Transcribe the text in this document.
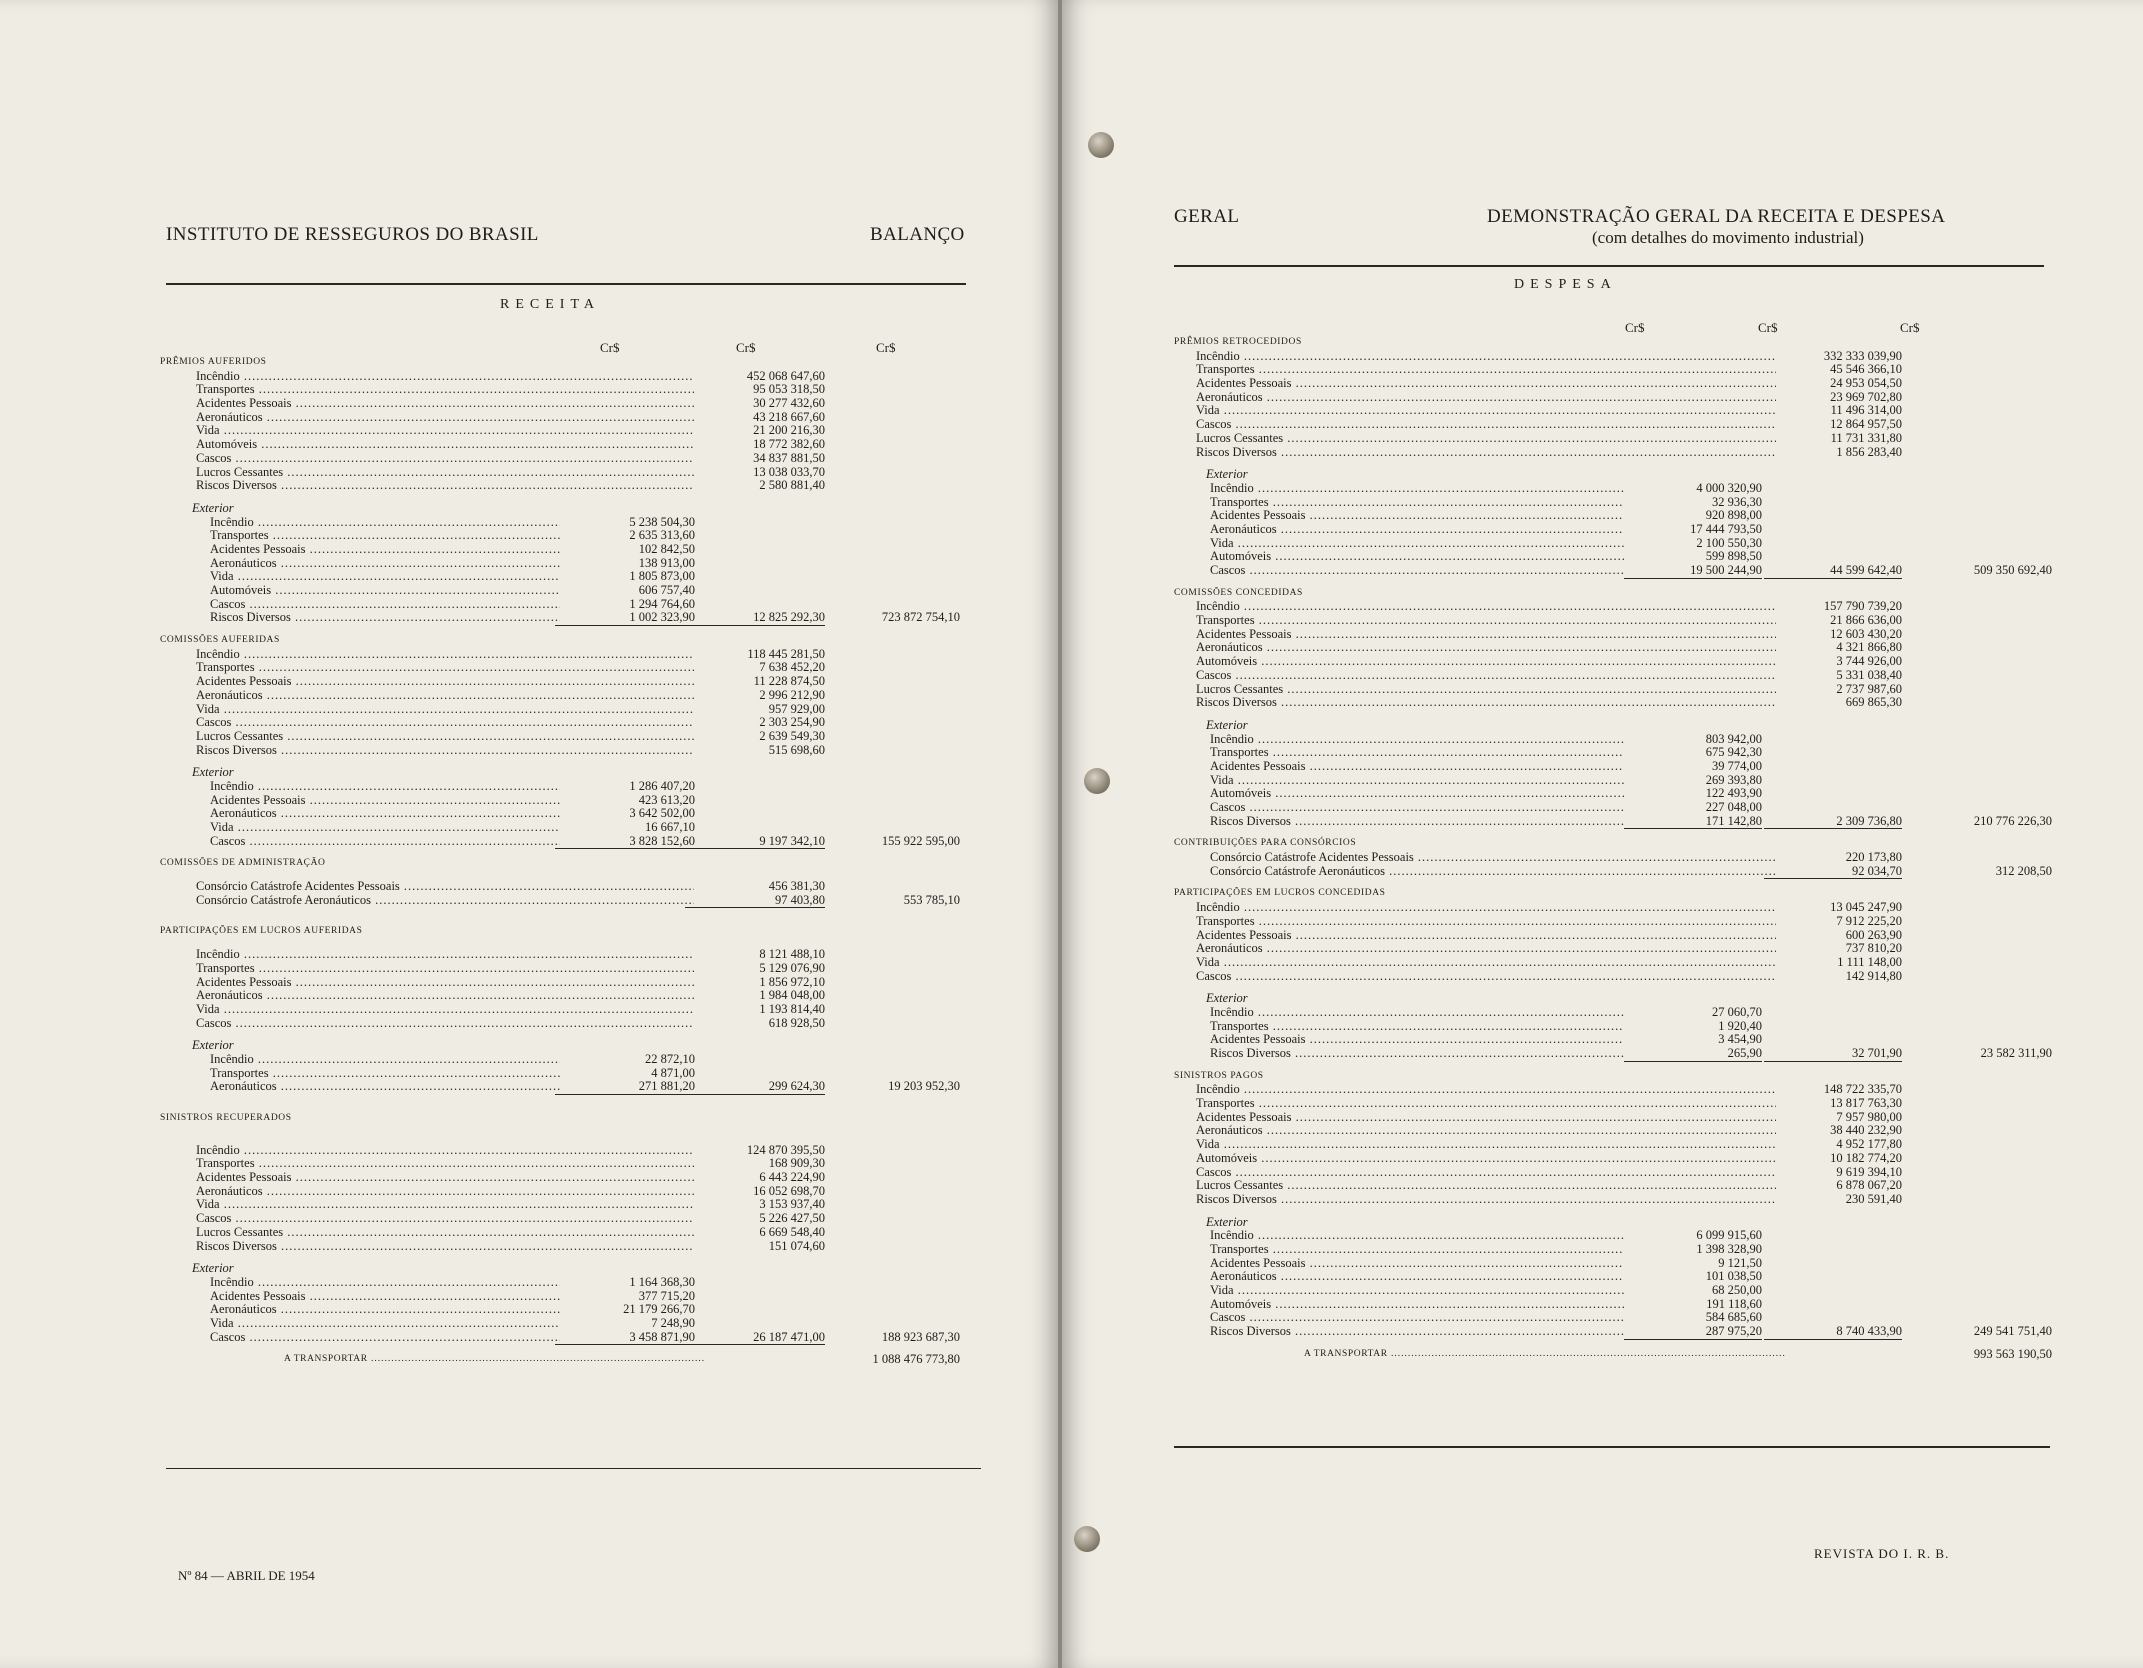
INSTITUTO DE RESSEGUROS DO BRASIL	BALANÇO
RECEITA
Cr$	Cr$	Cr$
PRÊMIOS AUFERIDOS
Incêndio .....	452 068 647,60
Transportes .....	95 053 318,50
Acidentes Pessoais .....	30 277 432,60
Aeronáuticos .....	43 218 667,60
Vida .....	21 200 216,30
Automóveis .....	18 772 382,60
Cascos .....	34 837 881,50
Lucros Cessantes .....	13 038 033,70
Riscos Diversos .....	2 580 881,40
Exterior
Incêndio .....	5 238 504,30
Transportes .....	2 635 313,60
Acidentes Pessoais .....	102 842,50
Aeronáuticos .....	138 913,00
Vida .....	1 805 873,00
Automóveis .....	606 757,40
Cascos .....	1 294 764,60
Riscos Diversos .....	1 002 323,90	12 825 292,30	723 872 754,10
COMISSÕES AUFERIDAS
Incêndio .....	118 445 281,50
Transportes .....	7 638 452,20
Acidentes Pessoais .....	11 228 874,50
Aeronáuticos .....	2 996 212,90
Vida .....	957 929,00
Cascos .....	2 303 254,90
Lucros Cessantes .....	2 639 549,30
Riscos Diversos .....	515 698,60
Exterior
Incêndio .....	1 286 407,20
Acidentes Pessoais .....	423 613,20
Aeronáuticos .....	3 642 502,00
Vida .....	16 667,10
Cascos .....	3 828 152,60	9 197 342,10	155 922 595,00
COMISSÕES DE ADMINISTRAÇÃO
Consórcio Catástrofe Acidentes Pessoais .....	456 381,30
Consórcio Catástrofe Aeronáuticos .....	97 403,80	553 785,10
PARTICIPAÇÕES EM LUCROS AUFERIDAS
Incêndio .....	8 121 488,10
Transportes .....	5 129 076,90
Acidentes Pessoais .....	1 856 972,10
Aeronáuticos .....	1 984 048,00
Vida .....	1 193 814,40
Cascos .....	618 928,50
Exterior
Incêndio .....	22 872,10
Transportes .....	4 871,00
Aeronáuticos .....	271 881,20	299 624,30	19 203 952,30
SINISTROS RECUPERADOS
Incêndio .....	124 870 395,50
Transportes .....	168 909,30
Acidentes Pessoais .....	6 443 224,90
Aeronáuticos .....	16 052 698,70
Vida .....	3 153 937,40
Cascos .....	5 226 427,50
Lucros Cessantes .....	6 669 548,40
Riscos Diversos .....	151 074,60
Exterior
Incêndio .....	1 164 368,30
Acidentes Pessoais .....	377 715,20
Aeronáuticos .....	21 179 266,70
Vida .....	7 248,90
Cascos .....	3 458 871,90	26 187 471,00	188 923 687,30
A TRANSPORTAR .....	1 088 476 773,80
Nº 84 — ABRIL DE 1954
GERAL	DEMONSTRAÇÃO GERAL DA RECEITA E DESPESA
(com detalhes do movimento industrial)
DESPESA
Cr$	Cr$	Cr$
PRÊMIOS RETROCEDIDOS
Incêndio .....	332 333 039,90
Transportes .....	45 546 366,10
Acidentes Pessoais .....	24 953 054,50
Aeronáuticos .....	23 969 702,80
Vida .....	11 496 314,00
Cascos .....	12 864 957,50
Lucros Cessantes .....	11 731 331,80
Riscos Diversos .....	1 856 283,40
Exterior
Incêndio .....	4 000 320,90
Transportes .....	32 936,30
Acidentes Pessoais .....	920 898,00
Aeronáuticos .....	17 444 793,50
Vida .....	2 100 550,30
Automóveis .....	599 898,50
Cascos .....	19 500 244,90	44 599 642,40	509 350 692,40
COMISSÕES CONCEDIDAS
Incêndio .....	157 790 739,20
Transportes .....	21 866 636,00
Acidentes Pessoais .....	12 603 430,20
Aeronáuticos .....	4 321 866,80
Automóveis .....	3 744 926,00
Cascos .....	5 331 038,40
Lucros Cessantes .....	2 737 987,60
Riscos Diversos .....	669 865,30
Exterior
Incêndio .....	803 942,00
Transportes .....	675 942,30
Acidentes Pessoais .....	39 774,00
Vida .....	269 393,80
Automóveis .....	122 493,90
Cascos .....	227 048,00
Riscos Diversos .....	171 142,80	2 309 736,80	210 776 226,30
CONTRIBUIÇÕES PARA CONSÓRCIOS
Consórcio Catástrofe Acidentes Pessoais .....	220 173,80
Consórcio Catástrofe Aeronáuticos .....	92 034,70	312 208,50
PARTICIPAÇÕES EM LUCROS CONCEDIDAS
Incêndio .....	13 045 247,90
Transportes .....	7 912 225,20
Acidentes Pessoais .....	600 263,90
Aeronáuticos .....	737 810,20
Vida .....	1 111 148,00
Cascos .....	142 914,80
Exterior
Incêndio .....	27 060,70
Transportes .....	1 920,40
Acidentes Pessoais .....	3 454,90
Riscos Diversos .....	265,90	32 701,90	23 582 311,90
SINISTROS PAGOS
Incêndio .....	148 722 335,70
Transportes .....	13 817 763,30
Acidentes Pessoais .....	7 957 980,00
Aeronáuticos .....	38 440 232,90
Vida .....	4 952 177,80
Automóveis .....	10 182 774,20
Cascos .....	9 619 394,10
Lucros Cessantes .....	6 878 067,20
Riscos Diversos .....	230 591,40
Exterior
Incêndio .....	6 099 915,60
Transportes .....	1 398 328,90
Acidentes Pessoais .....	9 121,50
Aeronáuticos .....	101 038,50
Vida .....	68 250,00
Automóveis .....	191 118,60
Cascos .....	584 685,60
Riscos Diversos .....	287 975,20	8 740 433,90	249 541 751,40
A TRANSPORTAR .....	993 563 190,50
REVISTA DO I. R. B.
